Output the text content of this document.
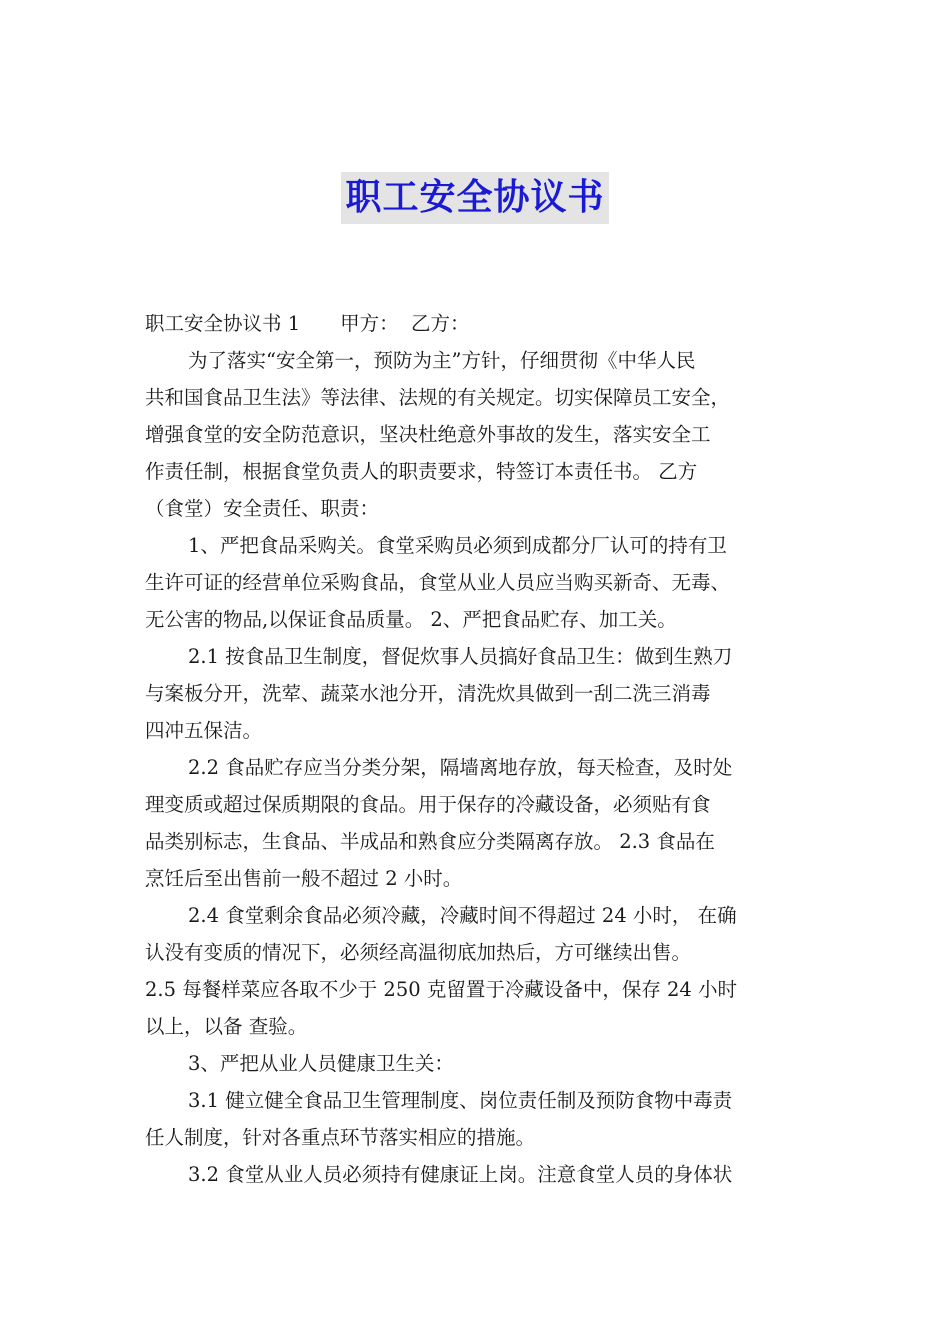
职工安全协议书
职工安全协议书 1 甲方： 乙方：
为了落实“安全第一，预防为主”方针，仔细贯彻《中华人民
共和国食品卫生法》等法律、法规的有关规定。切实保障员工安全，
增强食堂的安全防范意识，坚决杜绝意外事故的发生，落实安全工
作责任制，根据食堂负责人的职责要求，特签订本责任书。 乙方
（食堂）安全责任、职责：
1、严把食品采购关。食堂采购员必须到成都分厂认可的持有卫
生许可证的经营单位采购食品，食堂从业人员应当购买新奇、无毒、
无公害的物品,以保证食品质量。 2、严把食品贮存、加工关。
2.1 按食品卫生制度，督促炊事人员搞好食品卫生：做到生熟刀
与案板分开，洗荤、蔬菜水池分开，清洗炊具做到一刮二洗三消毒
四冲五保洁。
2.2 食品贮存应当分类分架，隔墙离地存放，每天检查，及时处
理变质或超过保质期限的食品。用于保存的冷藏设备，必须贴有食
品类别标志，生食品、半成品和熟食应分类隔离存放。 2.3 食品在
烹饪后至出售前一般不超过 2 小时。
2.4 食堂剩余食品必须冷藏，冷藏时间不得超过 24 小时， 在确
认没有变质的情况下，必须经高温彻底加热后，方可继续出售。
2.5 每餐样菜应各取不少于 250 克留置于冷藏设备中，保存 24 小时
以上，以备 查验。
3、严把从业人员健康卫生关：
3.1 健立健全食品卫生管理制度、岗位责任制及预防食物中毒责
任人制度，针对各重点环节落实相应的措施。
3.2 食堂从业人员必须持有健康证上岗。注意食堂人员的身体状
